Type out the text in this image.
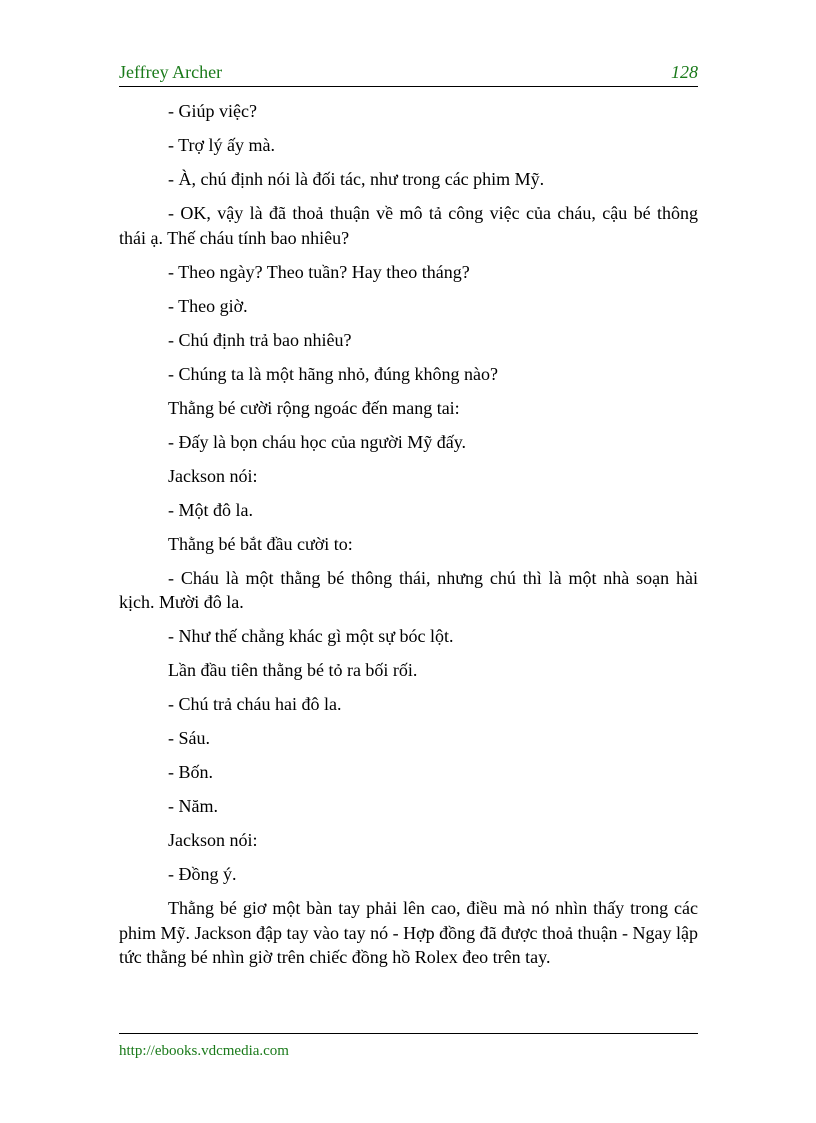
Jeffrey Archer	128

- Giúp việc?

- Trợ lý ấy mà.

- À, chú định nói là đối tác, như trong các phim Mỹ.

- OK, vậy là đã thoả thuận về mô tả công việc của cháu, cậu bé thông thái ạ. Thế cháu tính bao nhiêu?

- Theo ngày? Theo tuần? Hay theo tháng?

- Theo giờ.

- Chú định trả bao nhiêu?

- Chúng ta là một hãng nhỏ, đúng không nào?

Thằng bé cười rộng ngoác đến mang tai:

- Đấy là bọn cháu học của người Mỹ đấy.

Jackson nói:

- Một đô la.

Thằng bé bắt đầu cười to:

- Cháu là một thằng bé thông thái, nhưng chú thì là một nhà soạn hài kịch. Mười đô la.

- Như thế chẳng khác gì một sự bóc lột.

Lần đầu tiên thằng bé tỏ ra bối rối.

- Chú trả cháu hai đô la.

- Sáu.

- Bốn.

- Năm.

Jackson nói:

- Đồng ý.

Thằng bé giơ một bàn tay phải lên cao, điều mà nó nhìn thấy trong các phim Mỹ. Jackson đập tay vào tay nó - Hợp đồng đã được thoả thuận - Ngay lập tức thằng bé nhìn giờ trên chiếc đồng hồ Rolex đeo trên tay.

http://ebooks.vdcmedia.com
